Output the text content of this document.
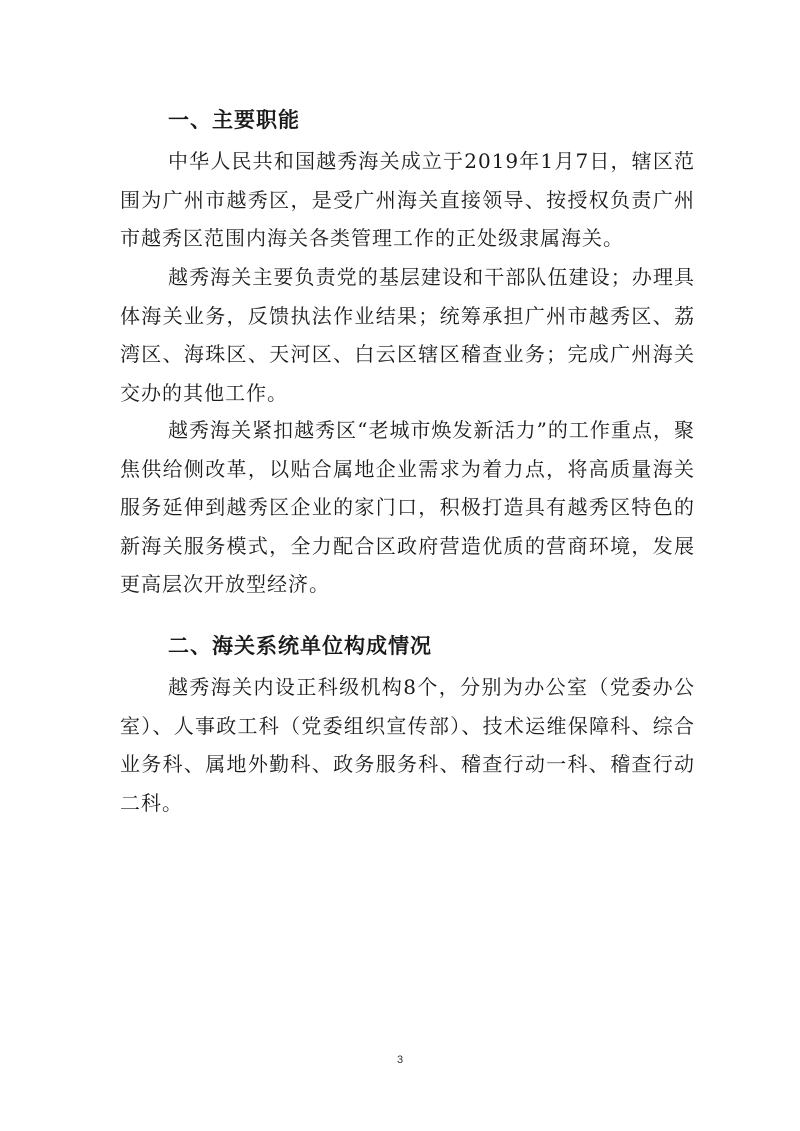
一、主要职能

中华人民共和国越秀海关成立于2019年1月7日，辖区范围为广州市越秀区，是受广州海关直接领导、按授权负责广州市越秀区范围内海关各类管理工作的正处级隶属海关。

越秀海关主要负责党的基层建设和干部队伍建设；办理具体海关业务，反馈执法作业结果；统筹承担广州市越秀区、荔湾区、海珠区、天河区、白云区辖区稽查业务；完成广州海关交办的其他工作。

越秀海关紧扣越秀区“老城市焕发新活力”的工作重点，聚焦供给侧改革，以贴合属地企业需求为着力点，将高质量海关服务延伸到越秀区企业的家门口，积极打造具有越秀区特色的新海关服务模式，全力配合区政府营造优质的营商环境，发展更高层次开放型经济。

二、海关系统单位构成情况

越秀海关内设正科级机构8个，分别为办公室（党委办公室）、人事政工科（党委组织宣传部）、技术运维保障科、综合业务科、属地外勤科、政务服务科、稽查行动一科、稽查行动二科。

3
